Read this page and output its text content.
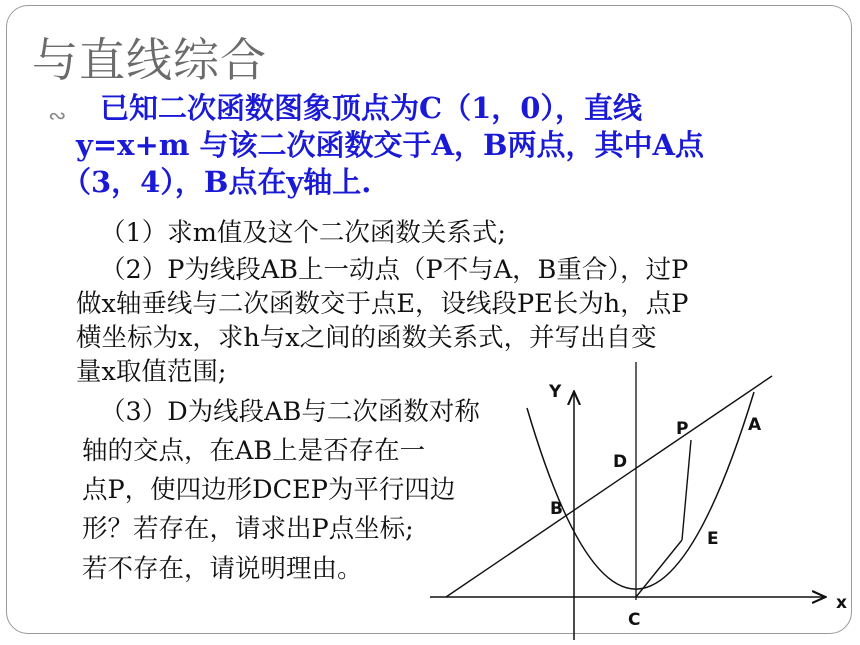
与直线综合
∾ 已知二次函数图象顶点为C（1，0），直线
y=x+m 与该二次函数交于A，B两点，其中A点
（3，4），B点在y轴上.
（1）求m值及这个二次函数关系式;
（2）P为线段AB上一动点（P不与A，B重合），过P
做x轴垂线与二次函数交于点E，设线段PE长为h，点P
横坐标为x，求h与x之间的函数关系式，并写出自变
量x取值范围;
（3）D为线段AB与二次函数对称
轴的交点，在AB上是否存在一
点P，使四边形DCEP为平行四边
形？若存在，请求出P点坐标;
若不存在，请说明理由。
Y
x
A
P
D
B
E
C
